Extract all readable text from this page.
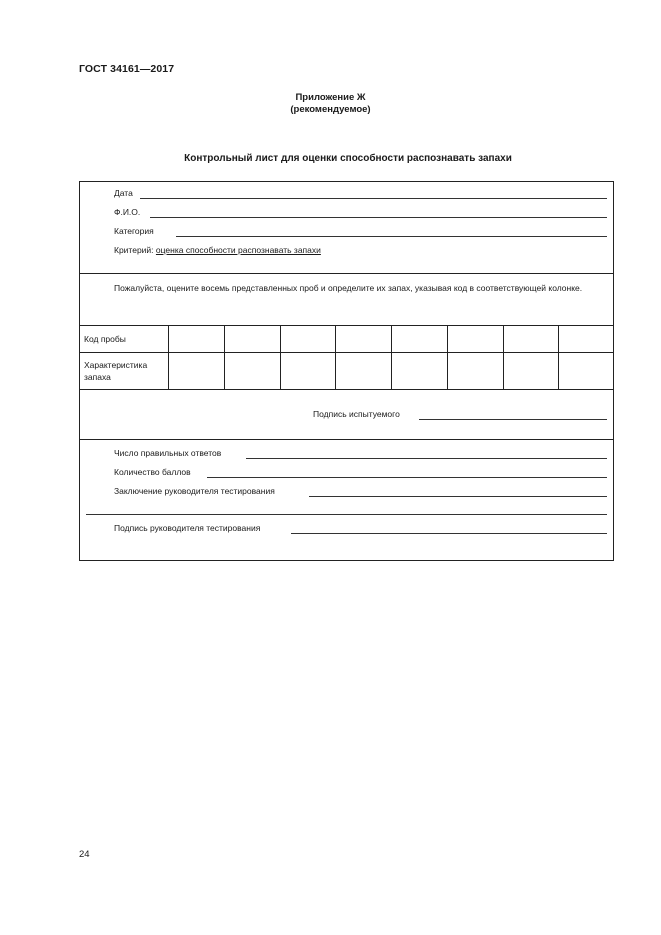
ГОСТ 34161—2017
Приложение Ж
(рекомендуемое)
Контрольный лист для оценки способности распознавать запахи
Дата
Ф.И.О.
Категория
Критерий: оценка способности распознавать запахи
Пожалуйста, оцените восемь представленных проб и определите их запах, указывая код в соответствующей колонке.
Код пробы
Характеристика запаха
Подпись испытуемого
Число правильных ответов
Количество баллов
Заключение руководителя тестирования
Подпись руководителя тестирования
24
